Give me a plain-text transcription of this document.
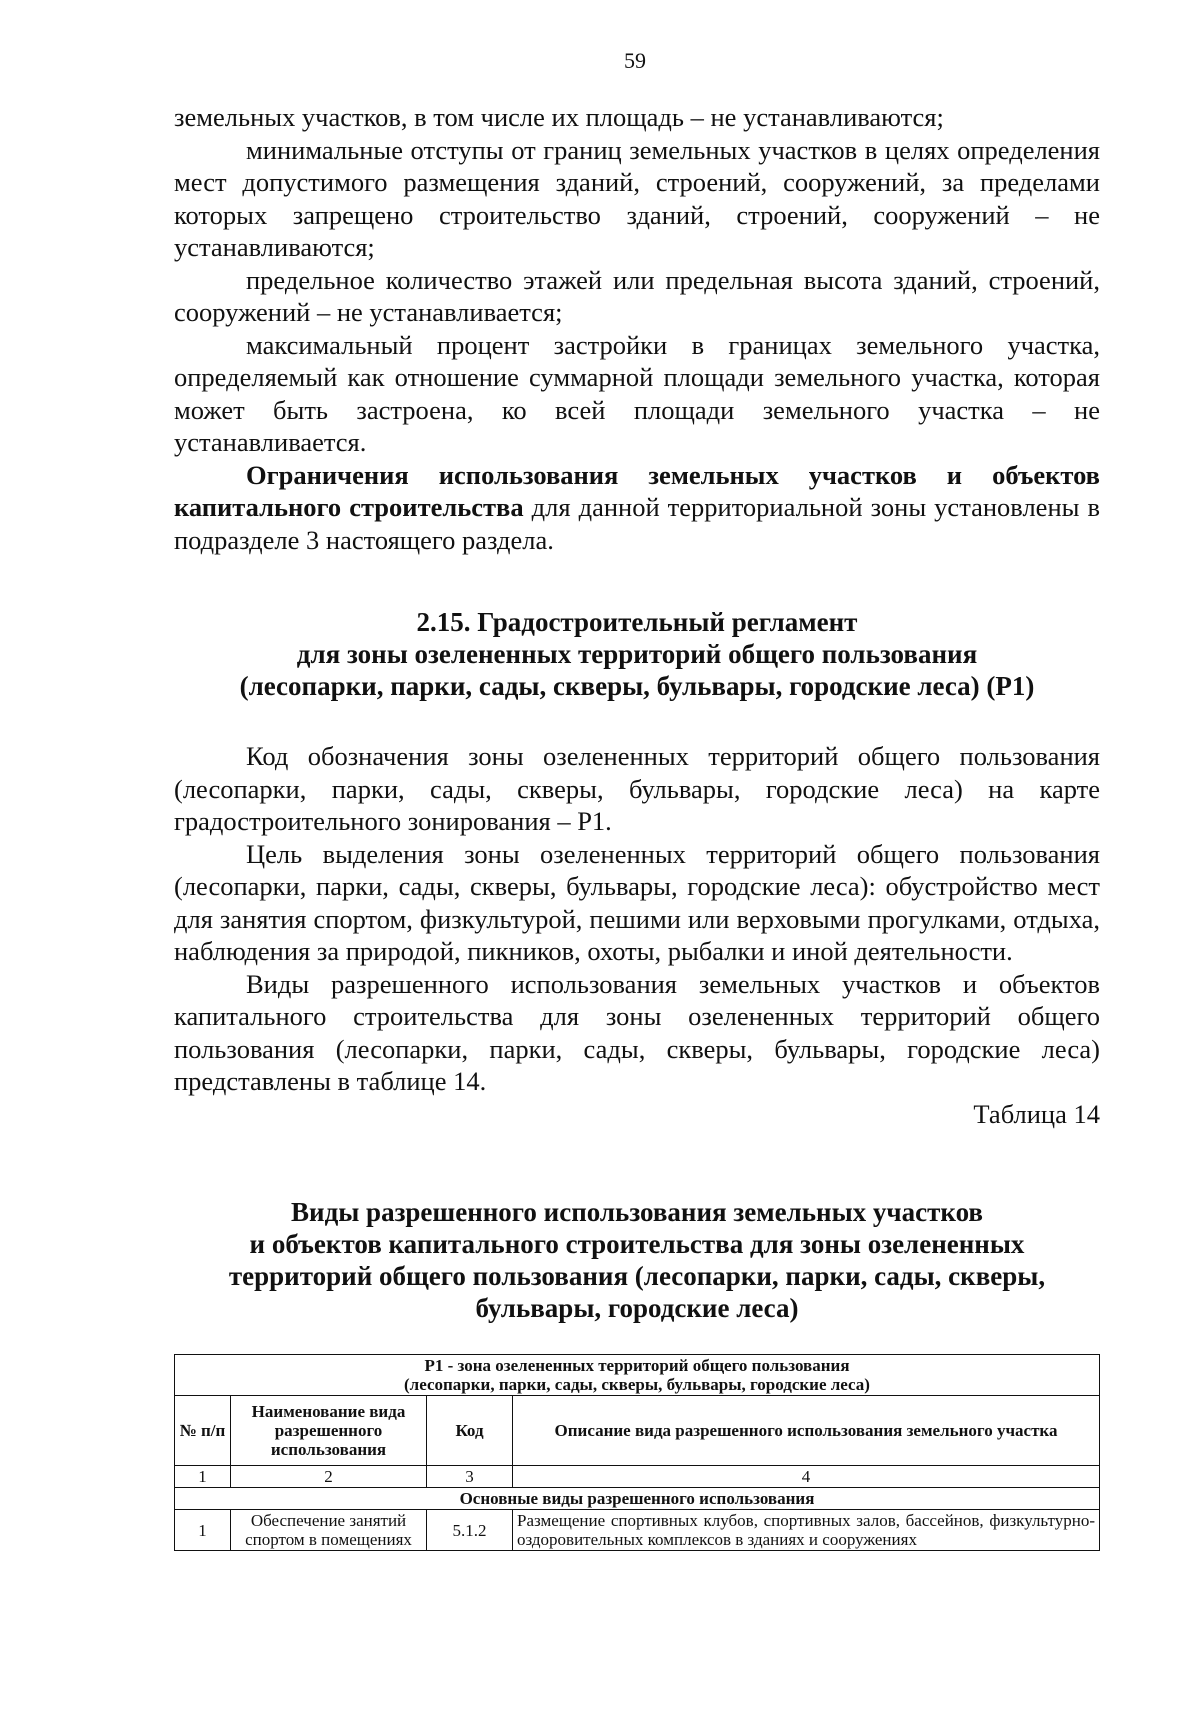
59

земельных участков, в том числе их площадь – не устанавливаются;

минимальные отступы от границ земельных участков в целях определения мест допустимого размещения зданий, строений, сооружений, за пределами которых запрещено строительство зданий, строений, сооружений – не устанавливаются;

предельное количество этажей или предельная высота зданий, строений, сооружений – не устанавливается;

максимальный процент застройки в границах земельного участка, определяемый как отношение суммарной площади земельного участка, которая может быть застроена, ко всей площади земельного участка – не устанавливается.

Ограничения использования земельных участков и объектов капитального строительства для данной территориальной зоны установлены в подразделе 3 настоящего раздела.

2.15. Градостроительный регламент

для зоны озелененных территорий общего пользования

(лесопарки, парки, сады, скверы, бульвары, городские леса) (Р1)

Код обозначения зоны озелененных территорий общего пользования (лесопарки, парки, сады, скверы, бульвары, городские леса) на карте градостроительного зонирования – Р1.

Цель выделения зоны озелененных территорий общего пользования (лесопарки, парки, сады, скверы, бульвары, городские леса): обустройство мест для занятия спортом, физкультурой, пешими или верховыми прогулками, отдыха, наблюдения за природой, пикников, охоты, рыбалки и иной деятельности.

Виды разрешенного использования земельных участков и объектов капитального строительства для зоны озелененных территорий общего пользования (лесопарки, парки, сады, скверы, бульвары, городские леса) представлены в таблице 14.

Таблица 14

Виды разрешенного использования земельных участков

и объектов капитального строительства для зоны озелененных

территорий общего пользования (лесопарки, парки, сады, скверы,

бульвары, городские леса)

Р1 - зона озелененных территорий общего пользования
(лесопарки, парки, сады, скверы, бульвары, городские леса)			

№ п/п	Наименование вида разрешенного использования	Код	Описание вида разрешенного использования земельного участка
1	2	3	4
Основные виды разрешенного использования			
1	Обеспечение занятий спортом в помещениях	5.1.2	Размещение спортивных клубов, спортивных залов, бассейнов, физкультурно-оздоровительных комплексов в зданиях и сооружениях
